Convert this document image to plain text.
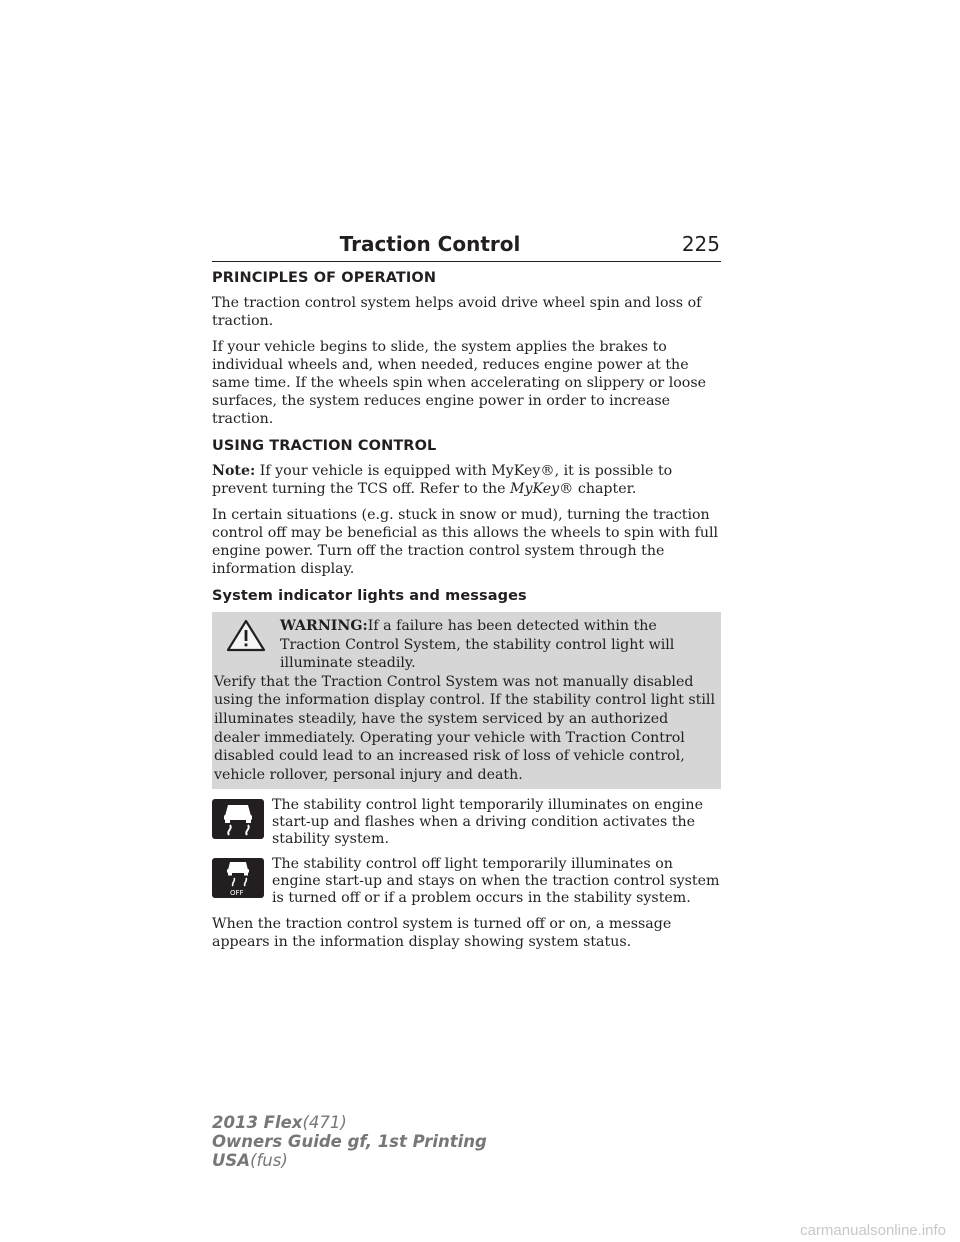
Traction Control	225
PRINCIPLES OF OPERATION

The traction control system helps avoid drive wheel spin and loss of traction.

If your vehicle begins to slide, the system applies the brakes to individual wheels and, when needed, reduces engine power at the same time. If the wheels spin when accelerating on slippery or loose surfaces, the system reduces engine power in order to increase traction.

USING TRACTION CONTROL

Note: If your vehicle is equipped with MyKey®, it is possible to prevent turning the TCS off. Refer to the MyKey® chapter.

In certain situations (e.g. stuck in snow or mud), turning the traction control off may be beneficial as this allows the wheels to spin with full engine power. Turn off the traction control system through the information display.

System indicator lights and messages
WARNING:If a failure has been detected within the Traction Control System, the stability control light will illuminate steadily.
Verify that the Traction Control System was not manually disabled using the information display control. If the stability control light still illuminates steadily, have the system serviced by an authorized dealer immediately. Operating your vehicle with Traction Control disabled could lead to an increased risk of loss of vehicle control, vehicle rollover, personal injury and death.
The stability control light temporarily illuminates on engine start-up and flashes when a driving condition activates the stability system.
OFF
The stability control off light temporarily illuminates on engine start-up and stays on when the traction control system is turned off or if a problem occurs in the stability system.

When the traction control system is turned off or on, a message appears in the information display showing system status.

2013 Flex(471)
Owners Guide gf, 1st Printing
USA(fus)
carmanualsonline.info
